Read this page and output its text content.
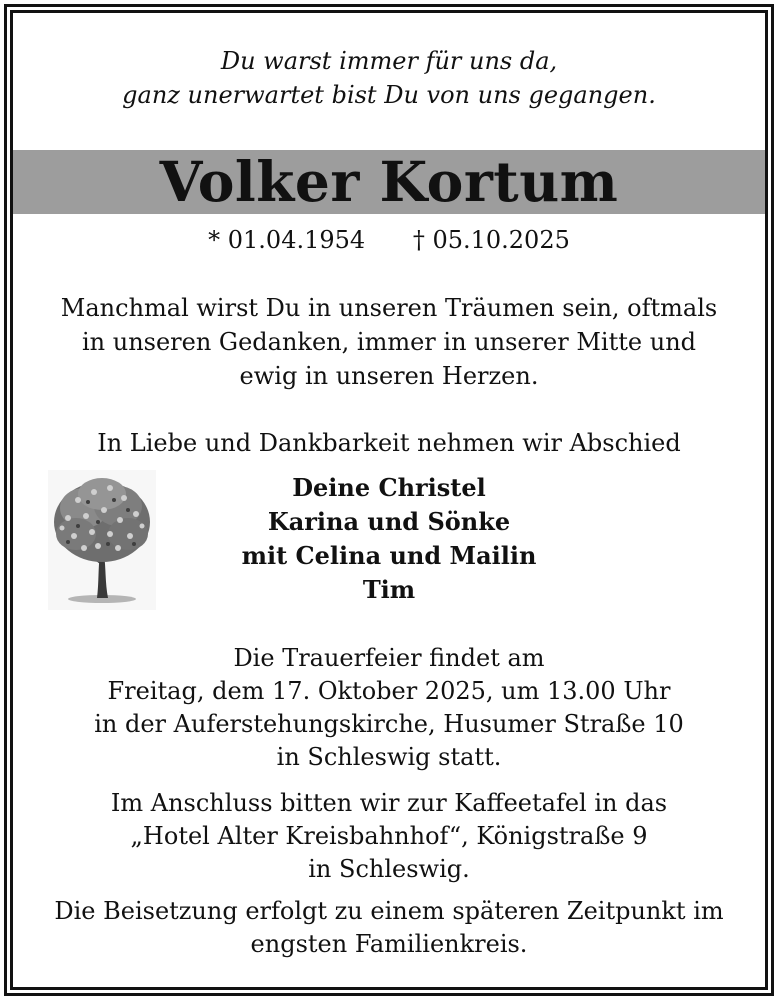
Du warst immer für uns da,
ganz unerwartet bist Du von uns gegangen.
Volker Kortum
* 01.04.1954 † 05.10.2025
Manchmal wirst Du in unseren Träumen sein, oftmals
in unseren Gedanken, immer in unserer Mitte und
ewig in unseren Herzen.
In Liebe und Dankbarkeit nehmen wir Abschied
Deine Christel
Karina und Sönke
mit Celina und Mailin
Tim
Die Trauerfeier findet am
Freitag, dem 17. Oktober 2025, um 13.00 Uhr
in der Auferstehungskirche, Husumer Straße 10
in Schleswig statt.
Im Anschluss bitten wir zur Kaffeetafel in das
„Hotel Alter Kreisbahnhof“, Königstraße 9
in Schleswig.
Die Beisetzung erfolgt zu einem späteren Zeitpunkt im
engsten Familienkreis.
